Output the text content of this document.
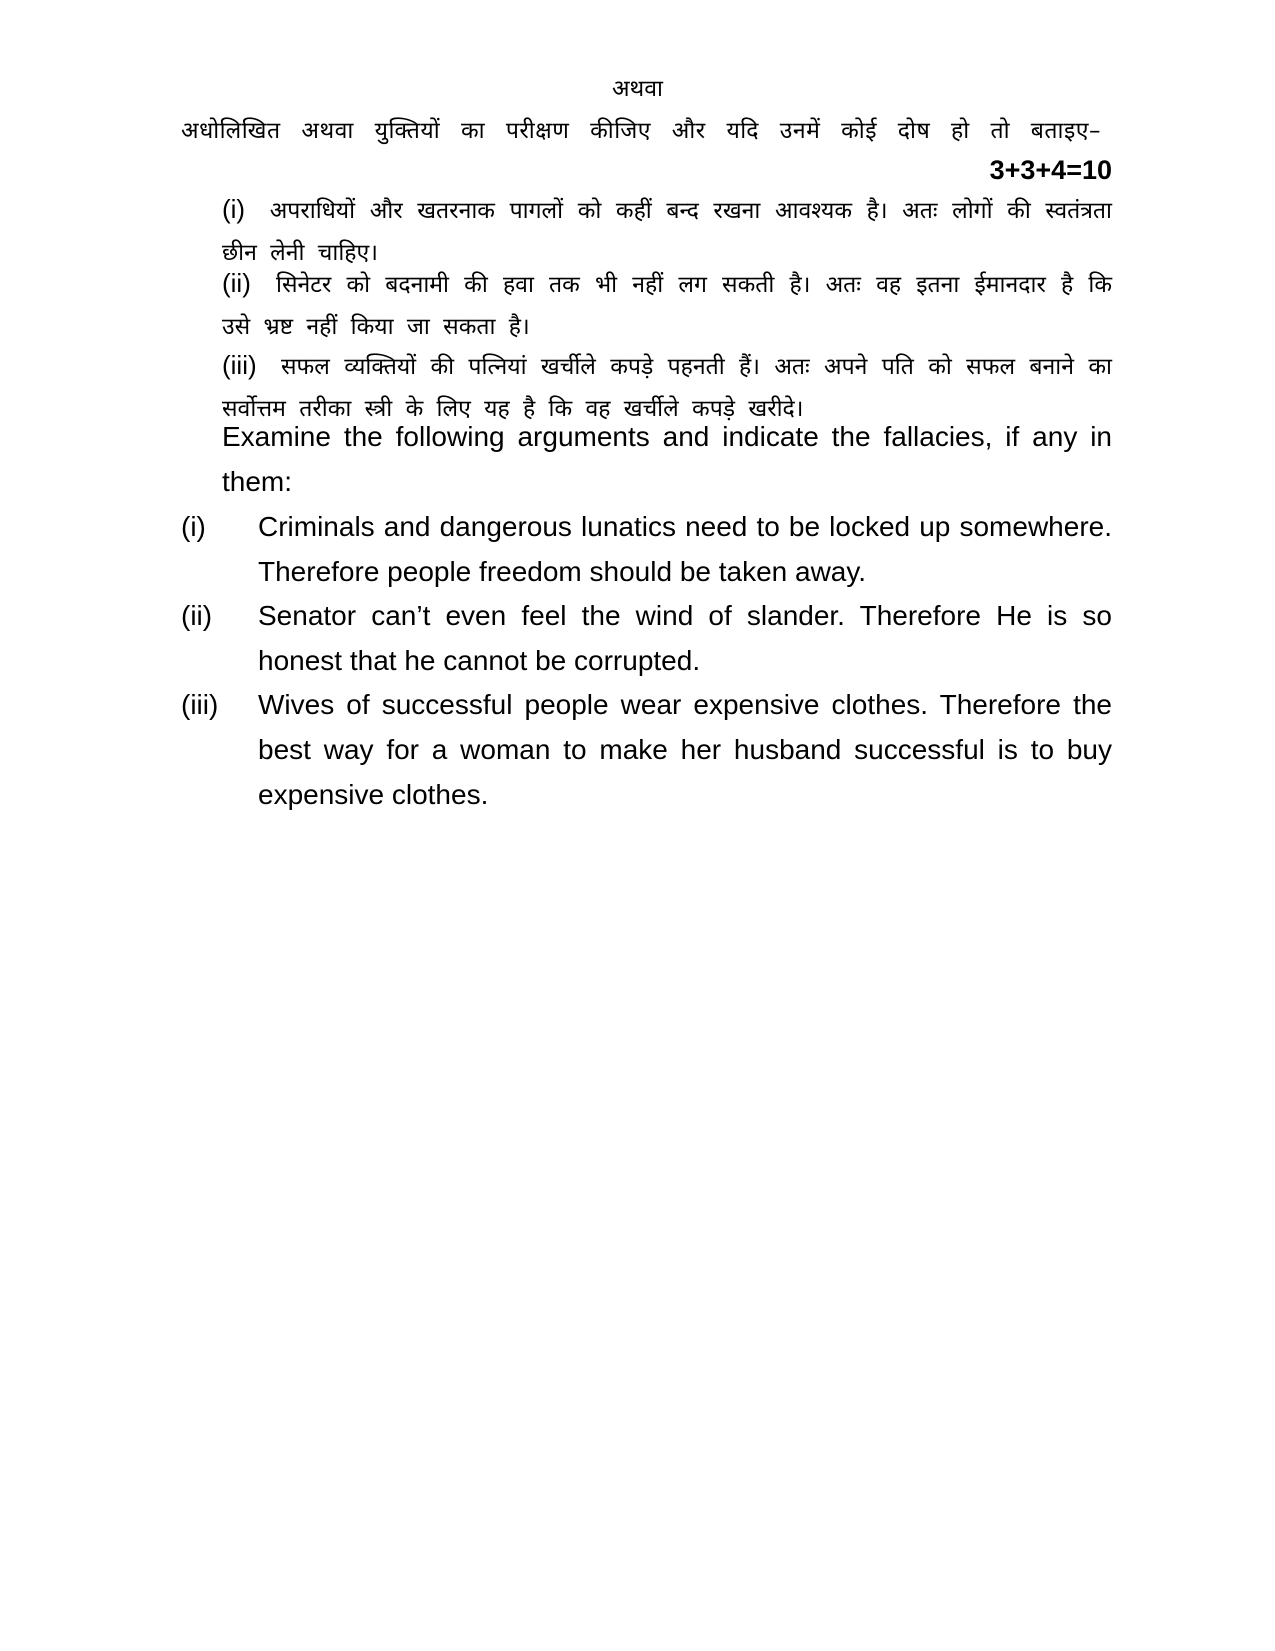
अथवा
अधोलिखित अथवा युक्तियों का परीक्षण कीजिए और यदि उनमें कोई दोष हो तो बताइए–
3+3+4=10
(i) अपराधियों और खतरनाक पागलों को कहीं बन्द रखना आवश्यक है। अतः लोगों की स्वतंत्रता छीन लेनी चाहिए।
(ii) सिनेटर को बदनामी की हवा तक भी नहीं लग सकती है। अतः वह इतना ईमानदार है कि उसे भ्रष्ट नहीं किया जा सकता है।
(iii) सफल व्यक्तियों की पत्नियां खर्चीले कपड़े पहनती हैं। अतः अपने पति को सफल बनाने का सर्वोत्तम तरीका स्त्री के लिए यह है कि वह खर्चीले कपड़े खरीदे।
Examine the following arguments and indicate the fallacies, if any in them:
(i) Criminals and dangerous lunatics need to be locked up somewhere. Therefore people freedom should be taken away.
(ii) Senator can’t even feel the wind of slander. Therefore He is so honest that he cannot be corrupted.
(iii) Wives of successful people wear expensive clothes. Therefore the best way for a woman to make her husband successful is to buy expensive clothes.
